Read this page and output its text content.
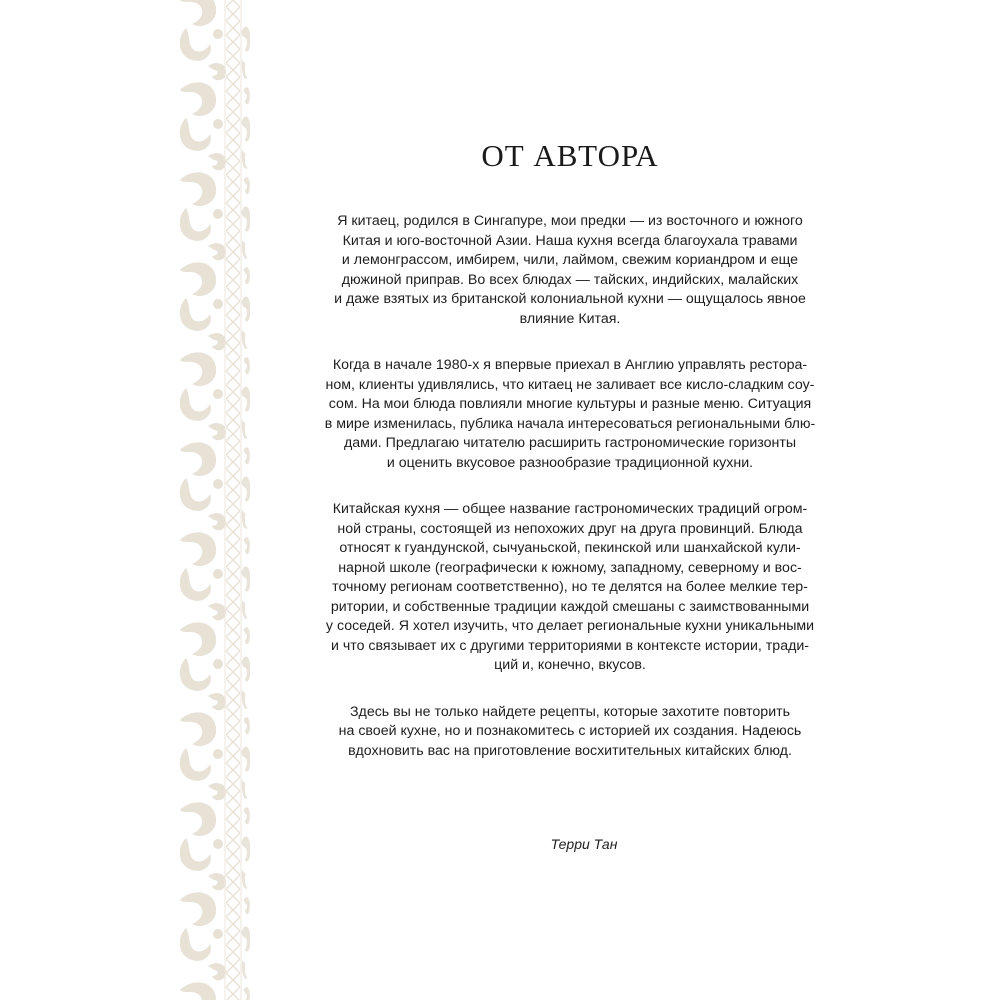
ОТ АВТОРА

Я китаец, родился в Сингапуре, мои предки — из восточного и южного
Китая и юго-восточной Азии. Наша кухня всегда благоухала травами
и лемонграссом, имбирем, чили, лаймом, свежим кориандром и еще
дюжиной приправ. Во всех блюдах — тайских, индийских, малайских
и даже взятых из британской колониальной кухни — ощущалось явное
влияние Китая.

Когда в начале 1980-х я впервые приехал в Англию управлять ресторa-
ном, клиенты удивлялись, что китаец не заливает все кисло-сладким соу-
сом. На мои блюда повлияли многие культуры и разные меню. Ситуация
в мире изменилась, публика начала интересоваться региональными блю-
дами. Предлагаю читателю расширить гастрономические горизонты
и оценить вкусовое разнообразие традиционной кухни.

Китайская кухня — общее название гастрономических традиций огром-
ной страны, состоящей из непохожих друг на друга провинций. Блюда
относят к гуандунской, сычуаньской, пекинской или шанхайской кули-
нарной школе (географически к южному, западному, северному и вос-
точному регионам соответственно), но те делятся на более мелкие тер-
ритории, и собственные традиции каждой смешаны с заимствованными
у соседей. Я хотел изучить, что делает региональные кухни уникальными
и что связывает их с другими территориями в контексте истории, тради-
ций и, конечно, вкусов.

Здесь вы не только найдете рецепты, которые захотите повторить
на своей кухне, но и познакомитесь с историей их создания. Надеюсь
вдохновить вас на приготовление восхитительных китайских блюд.

Терри Тан
